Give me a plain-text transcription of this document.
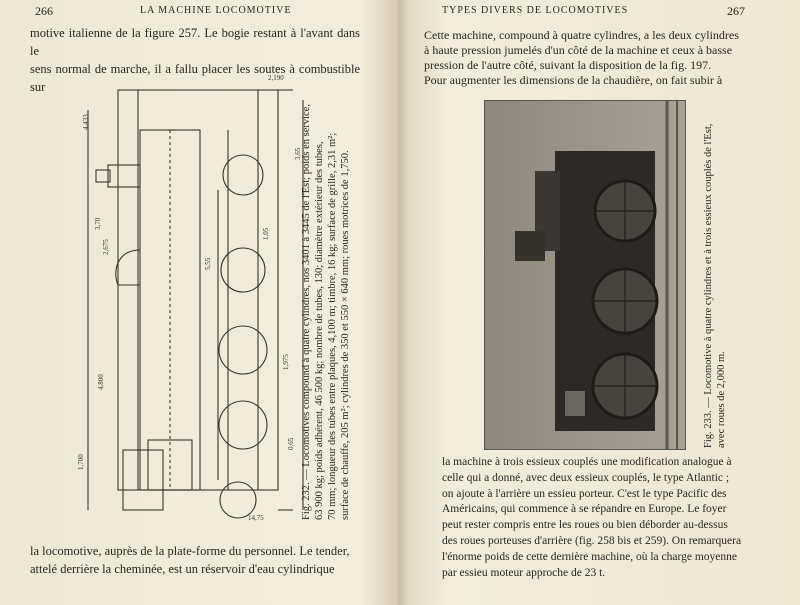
266	LA MACHINE LOCOMOTIVE
motive italienne de la figure 257. Le bogie restant à l'avant dans le
sens normal de marche, il a fallu placer les soutes à combustible sur
4,433
3,70
2,675
4,800
1,700
2,190
3,65
1,05
5,55
1,975
0,65
14,75	Fig. 232. — Locomotives compound à quatre cylindres, nos 3401 à 3445 de l'Est; poids en service, 63 900 kg; poids adhérent, 46 500 kg; nombre de tubes, 130; diamètre extérieur des tubes, 70 mm; longueur des tubes entre plaques, 4,100 m; timbre, 16 kg; surface de grille, 2,31 m²; surface de chauffe, 205 m²; cylindres de 350 et 550 × 640 mm; roues motrices de 1,750.
la locomotive, auprès de la plate-forme du personnel. Le tender,
attelé derrière la cheminée, est un réservoir d'eau cylindrique
TYPES DIVERS DE LOCOMOTIVES	267
Cette machine, compound à quatre cylindres, a les deux cylindres
à haute pression jumelés d'un côté de la machine et ceux à basse
pression de l'autre côté, suivant la disposition de la fig. 197.
Pour augmenter les dimensions de la chaudière, on fait subir à
Fig. 233. — Locomotive à quatre cylindres et à trois essieux couplés de l'Est, avec roues de 2,000 m.
la machine à trois essieux couplés une modification analogue à
celle qui a donné, avec deux essieux couplés, le type Atlantic ;
on ajoute à l'arrière un essieu porteur. C'est le type Pacific des
Américains, qui commence à se répandre en Europe. Le foyer
peut rester compris entre les roues ou bien déborder au-dessus
des roues porteuses d'arrière (fig. 258 bis et 259). On remarquera
l'énorme poids de cette dernière machine, où la charge moyenne
par essieu moteur approche de 23 t.
